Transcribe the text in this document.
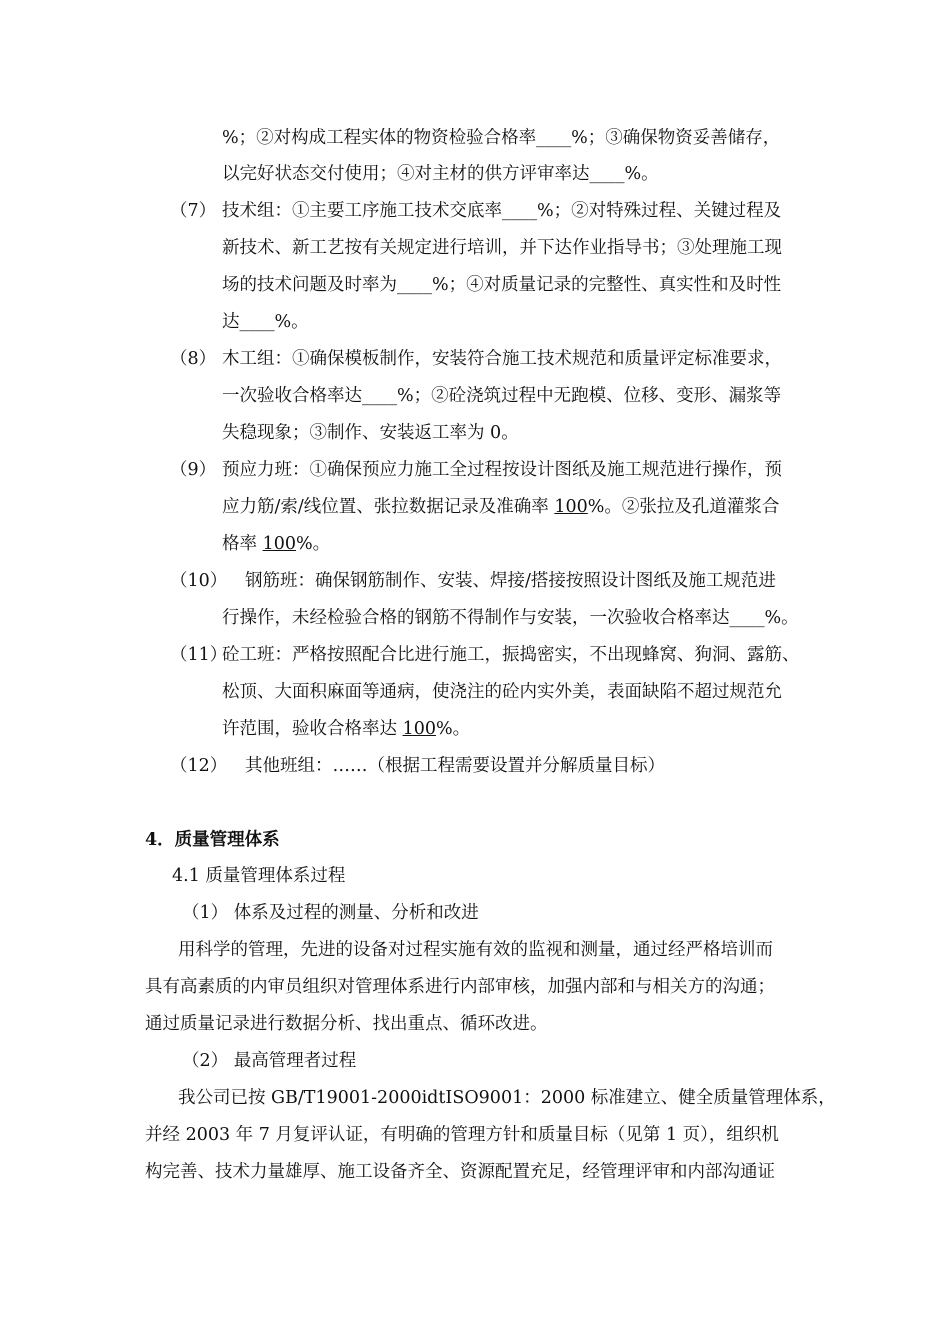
%；②对构成工程实体的物资检验合格率____%；③确保物资妥善储存，
以完好状态交付使用；④对主材的供方评审率达____%。
（7） 技术组：①主要工序施工技术交底率____%；②对特殊过程、关键过程及
新技术、新工艺按有关规定进行培训，并下达作业指导书；③处理施工现
场的技术问题及时率为____%；④对质量记录的完整性、真实性和及时性
达____%。
（8） 木工组：①确保模板制作，安装符合施工技术规范和质量评定标准要求，
一次验收合格率达____%；②砼浇筑过程中无跑模、位移、变形、漏浆等
失稳现象；③制作、安装返工率为 0。
（9） 预应力班：①确保预应力施工全过程按设计图纸及施工规范进行操作，预
应力筋/索/线位置、张拉数据记录及准确率 100%。②张拉及孔道灌浆合
格率 100%。
（10） 钢筋班：确保钢筋制作、安装、焊接/搭接按照设计图纸及施工规范进
行操作，未经检验合格的钢筋不得制作与安装，一次验收合格率达____%。
（11）
砼工班：严格按照配合比进行施工，振捣密实，不出现蜂窝、狗洞、露筋、
松顶、大面积麻面等通病，使浇注的砼内实外美，表面缺陷不超过规范允
许范围，验收合格率达 100%。
（12） 其他班组：……（根据工程需要设置并分解质量目标）
4．质量管理体系
4.1 质量管理体系过程
（1） 体系及过程的测量、分析和改进
用科学的管理，先进的设备对过程实施有效的监视和测量，通过经严格培训而
具有高素质的内审员组织对管理体系进行内部审核，加强内部和与相关方的沟通；
通过质量记录进行数据分析、找出重点、循环改进。
（2） 最高管理者过程
我公司已按 GB/T19001-2000idtISO9001：2000 标准建立、健全质量管理体系，
并经 2003 年 7 月复评认证，有明确的管理方针和质量目标（见第 1 页），组织机
构完善、技术力量雄厚、施工设备齐全、资源配置充足，经管理评审和内部沟通证
